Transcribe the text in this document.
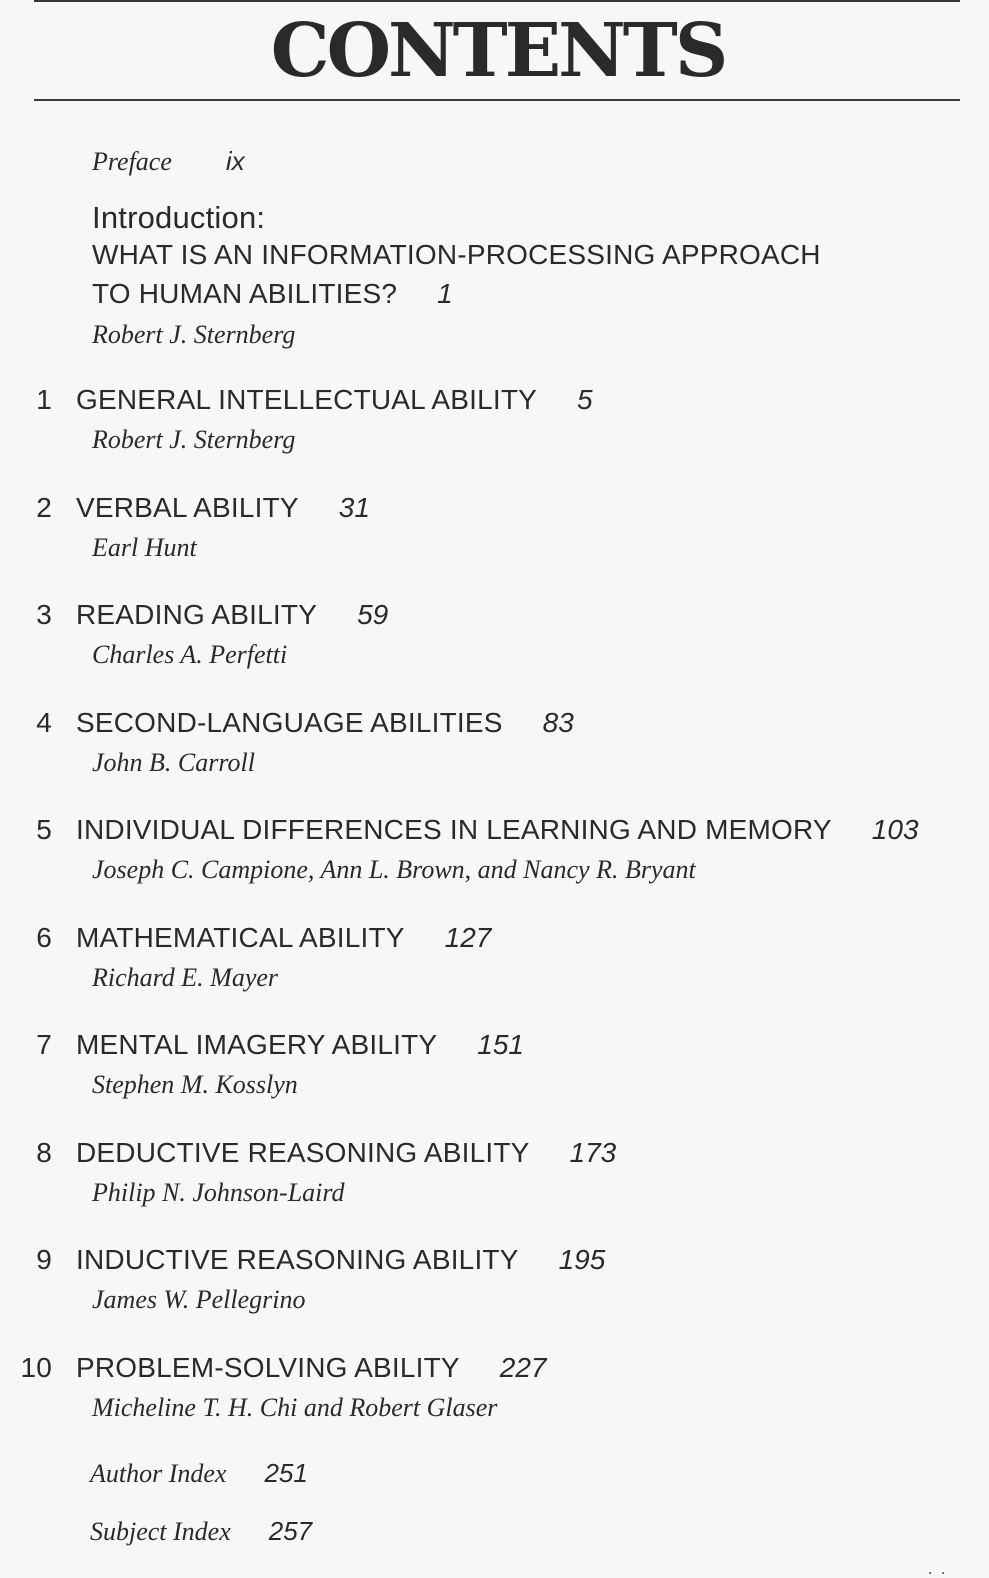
CONTENTS
Preface ix
Introduction:
WHAT IS AN INFORMATION-PROCESSING APPROACH
TO HUMAN ABILITIES? 1
Robert J. Sternberg
1 GENERAL INTELLECTUAL ABILITY 5
Robert J. Sternberg
2 VERBAL ABILITY 31
Earl Hunt
3 READING ABILITY 59
Charles A. Perfetti
4 SECOND-LANGUAGE ABILITIES 83
John B. Carroll
5 INDIVIDUAL DIFFERENCES IN LEARNING AND MEMORY 103
Joseph C. Campione, Ann L. Brown, and Nancy R. Bryant
6 MATHEMATICAL ABILITY 127
Richard E. Mayer
7 MENTAL IMAGERY ABILITY 151
Stephen M. Kosslyn
8 DEDUCTIVE REASONING ABILITY 173
Philip N. Johnson-Laird
9 INDUCTIVE REASONING ABILITY 195
James W. Pellegrino
10 PROBLEM-SOLVING ABILITY 227
Micheline T. H. Chi and Robert Glaser
Author Index 251
Subject Index 257
. .
